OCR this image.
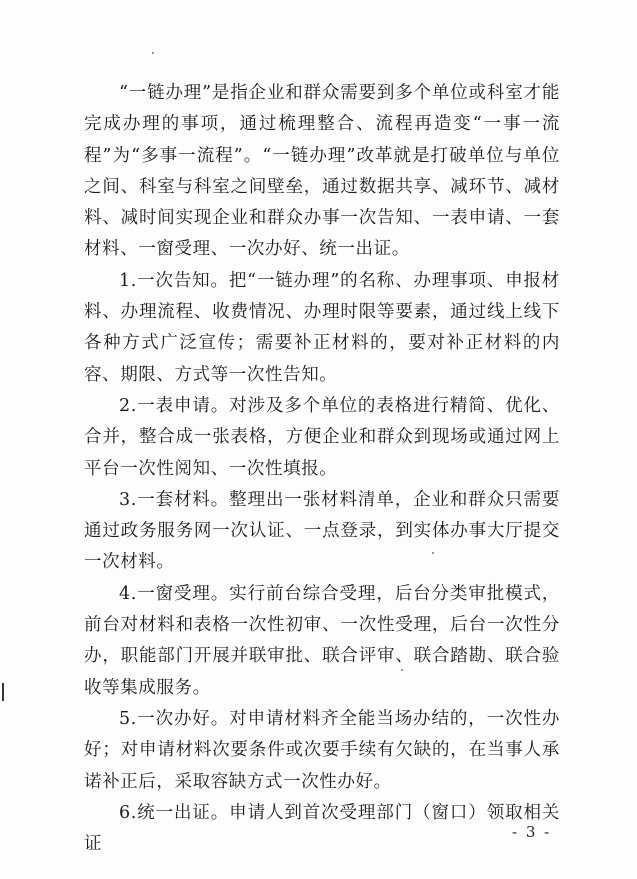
“一链办理”是指企业和群众需要到多个单位或科室才能完成办理的事项，通过梳理整合、流程再造变“一事一流程”为“多事一流程”。“一链办理”改革就是打破单位与单位之间、科室与科室之间壁垒，通过数据共享、减环节、减材料、减时间实现企业和群众办事一次告知、一表申请、一套材料、一窗受理、一次办好、统一出证。

1.一次告知。把“一链办理”的名称、办理事项、申报材料、办理流程、收费情况、办理时限等要素，通过线上线下各种方式广泛宣传；需要补正材料的，要对补正材料的内容、期限、方式等一次性告知。

2.一表申请。对涉及多个单位的表格进行精简、优化、合并，整合成一张表格，方便企业和群众到现场或通过网上平台一次性阅知、一次性填报。

3.一套材料。整理出一张材料清单，企业和群众只需要通过政务服务网一次认证、一点登录，到实体办事大厅提交一次材料。

4.一窗受理。实行前台综合受理，后台分类审批模式，前台对材料和表格一次性初审、一次性受理，后台一次性分办，职能部门开展并联审批、联合评审、联合踏勘、联合验收等集成服务。

5.一次办好。对申请材料齐全能当场办结的，一次性办好；对申请材料次要条件或次要手续有欠缺的，在当事人承诺补正后，采取容缺方式一次性办好。

6.统一出证。申请人到首次受理部门（窗口）领取相关证

- 3 -
